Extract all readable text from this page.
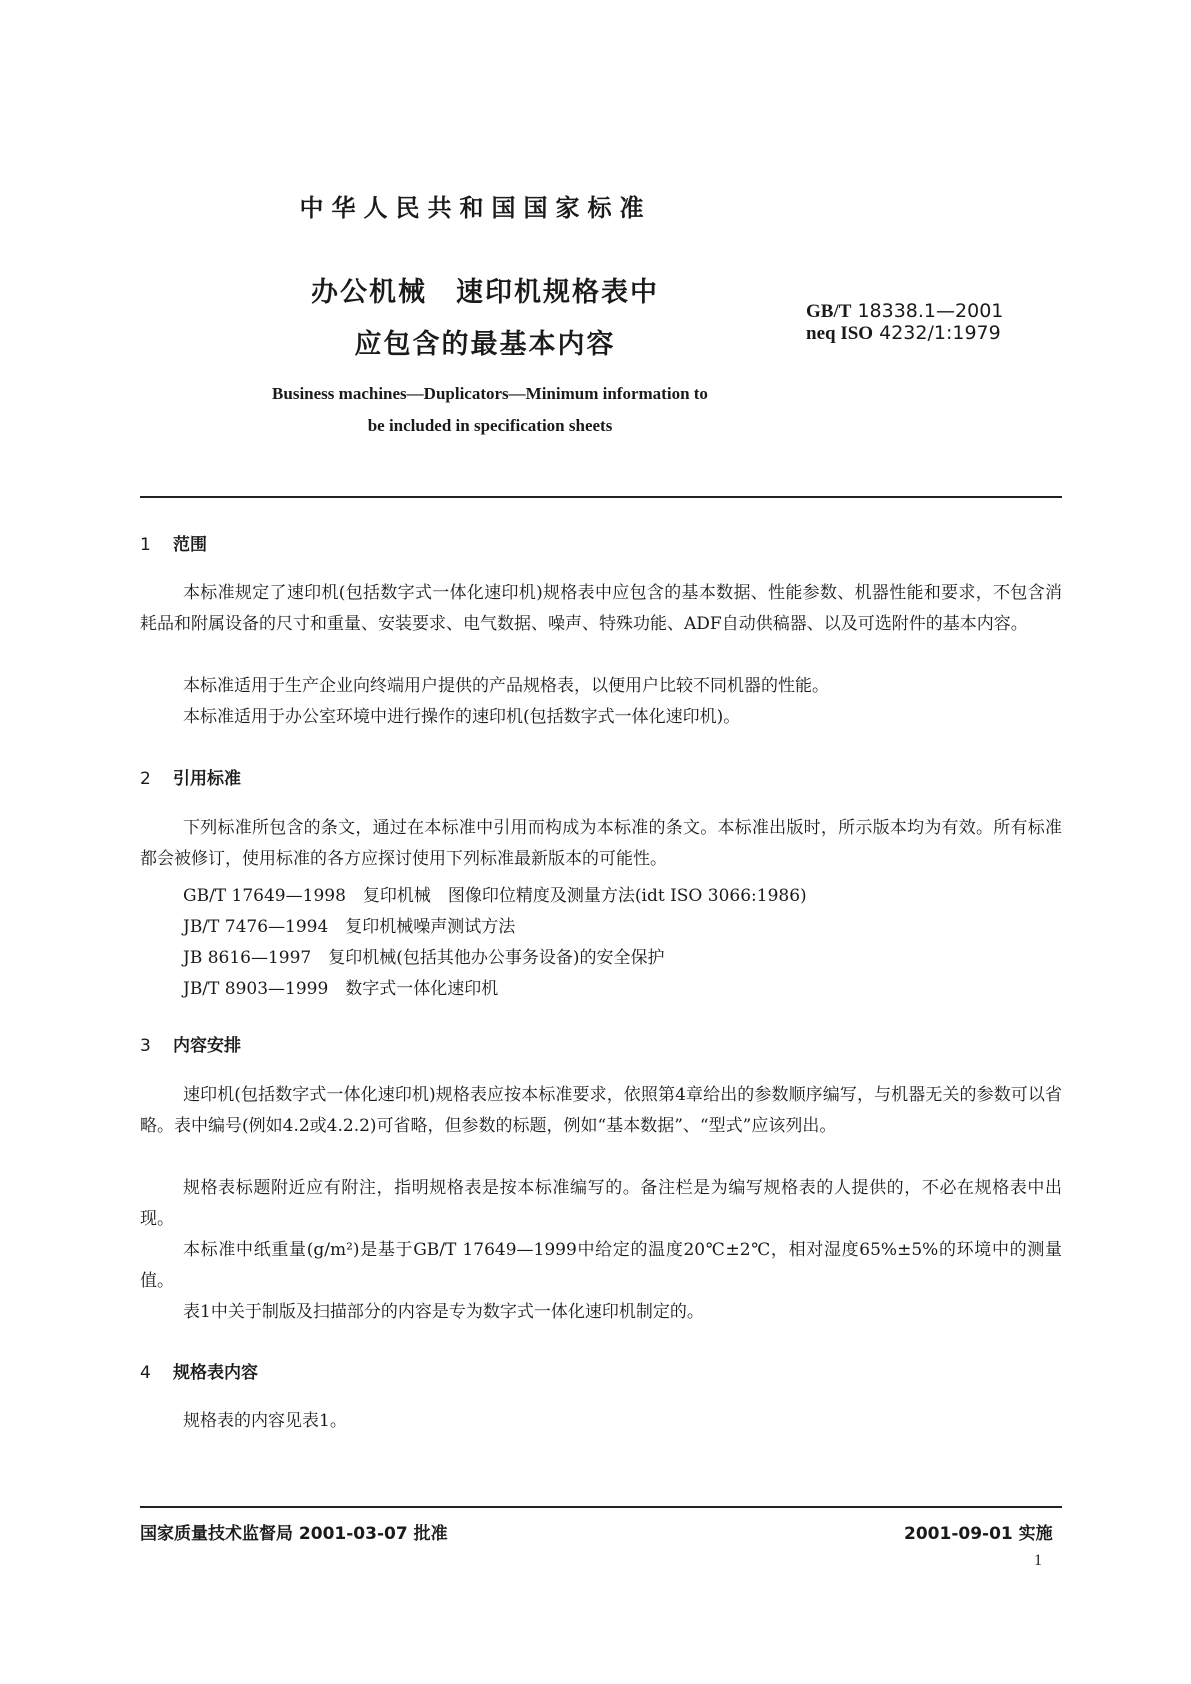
中华人民共和国国家标准
办公机械　速印机规格表中
应包含的最基本内容
GB/T 18338.1—2001
neq ISO 4232/1:1979
Business machines—Duplicators—Minimum information to
be included in specification sheets
1 范围

本标准规定了速印机(包括数字式一体化速印机)规格表中应包含的基本数据、性能参数、机器性能和要求，不包含消耗品和附属设备的尺寸和重量、安装要求、电气数据、噪声、特殊功能、ADF自动供稿器、以及可选附件的基本内容。

本标准适用于生产企业向终端用户提供的产品规格表，以便用户比较不同机器的性能。

本标准适用于办公室环境中进行操作的速印机(包括数字式一体化速印机)。

2 引用标准

下列标准所包含的条文，通过在本标准中引用而构成为本标准的条文。本标准出版时，所示版本均为有效。所有标准都会被修订，使用标准的各方应探讨使用下列标准最新版本的可能性。

GB/T 17649—1998　复印机械　图像印位精度及测量方法(idt ISO 3066:1986)
JB/T 7476—1994　复印机械噪声测试方法
JB 8616—1997　复印机械(包括其他办公事务设备)的安全保护
JB/T 8903—1999　数字式一体化速印机
3 内容安排

速印机(包括数字式一体化速印机)规格表应按本标准要求，依照第4章给出的参数顺序编写，与机器无关的参数可以省略。表中编号(例如4.2或4.2.2)可省略，但参数的标题，例如“基本数据”、“型式”应该列出。

规格表标题附近应有附注，指明规格表是按本标准编写的。备注栏是为编写规格表的人提供的，不必在规格表中出现。

本标准中纸重量(g/m²)是基于GB/T 17649—1999中给定的温度20℃±2℃，相对湿度65%±5%的环境中的测量值。

表1中关于制版及扫描部分的内容是专为数字式一体化速印机制定的。

4 规格表内容

规格表的内容见表1。

国家质量技术监督局 2001-03-07 批准	2001-09-01 实施
1
